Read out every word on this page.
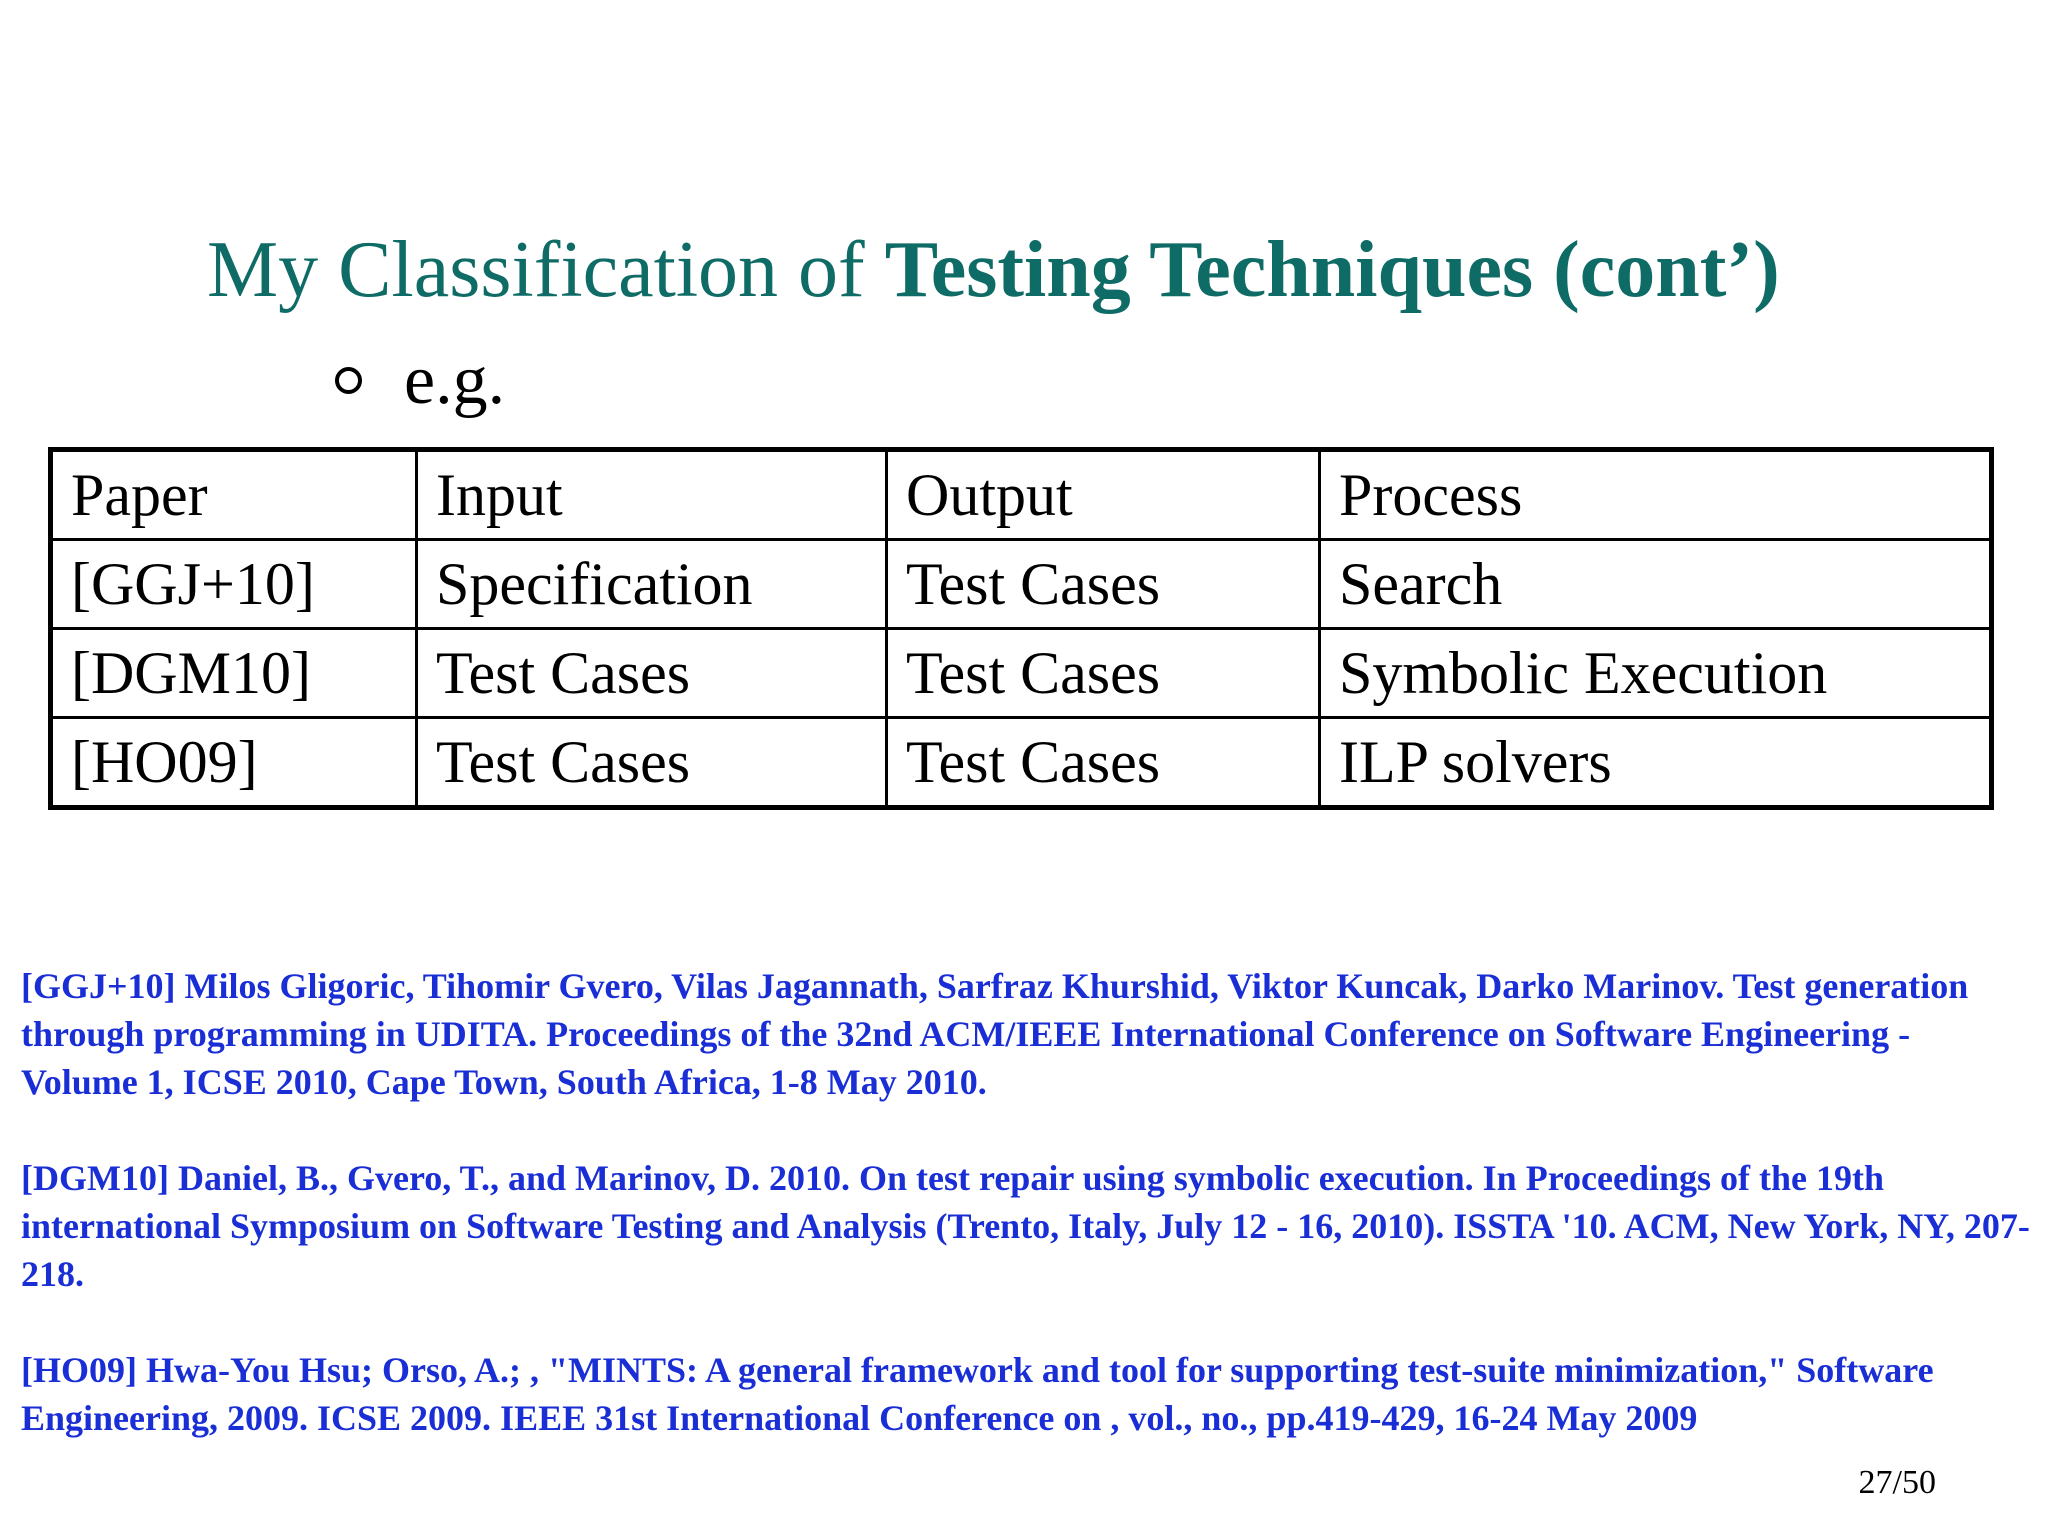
My Classification of Testing Techniques (cont’)
e.g.
Paper	Input	Output	Process
[GGJ+10]	Specification	Test Cases	Search
[DGM10]	Test Cases	Test Cases	Symbolic Execution
[HO09]	Test Cases	Test Cases	ILP solvers

[GGJ+10] Milos Gligoric, Tihomir Gvero, Vilas Jagannath, Sarfraz Khurshid, Viktor Kuncak, Darko Marinov. Test generation through programming in UDITA. Proceedings of the 32nd ACM/IEEE International Conference on Software Engineering - Volume 1, ICSE 2010, Cape Town, South Africa, 1-8 May 2010.

[DGM10] Daniel, B., Gvero, T., and Marinov, D. 2010. On test repair using symbolic execution. In Proceedings of the 19th international Symposium on Software Testing and Analysis (Trento, Italy, July 12 - 16, 2010). ISSTA '10. ACM, New York, NY, 207-218.

[HO09] Hwa-You Hsu; Orso, A.; , "MINTS: A general framework and tool for supporting test-suite minimization," Software Engineering, 2009. ICSE 2009. IEEE 31st International Conference on , vol., no., pp.419-429, 16-24 May 2009

27/50
